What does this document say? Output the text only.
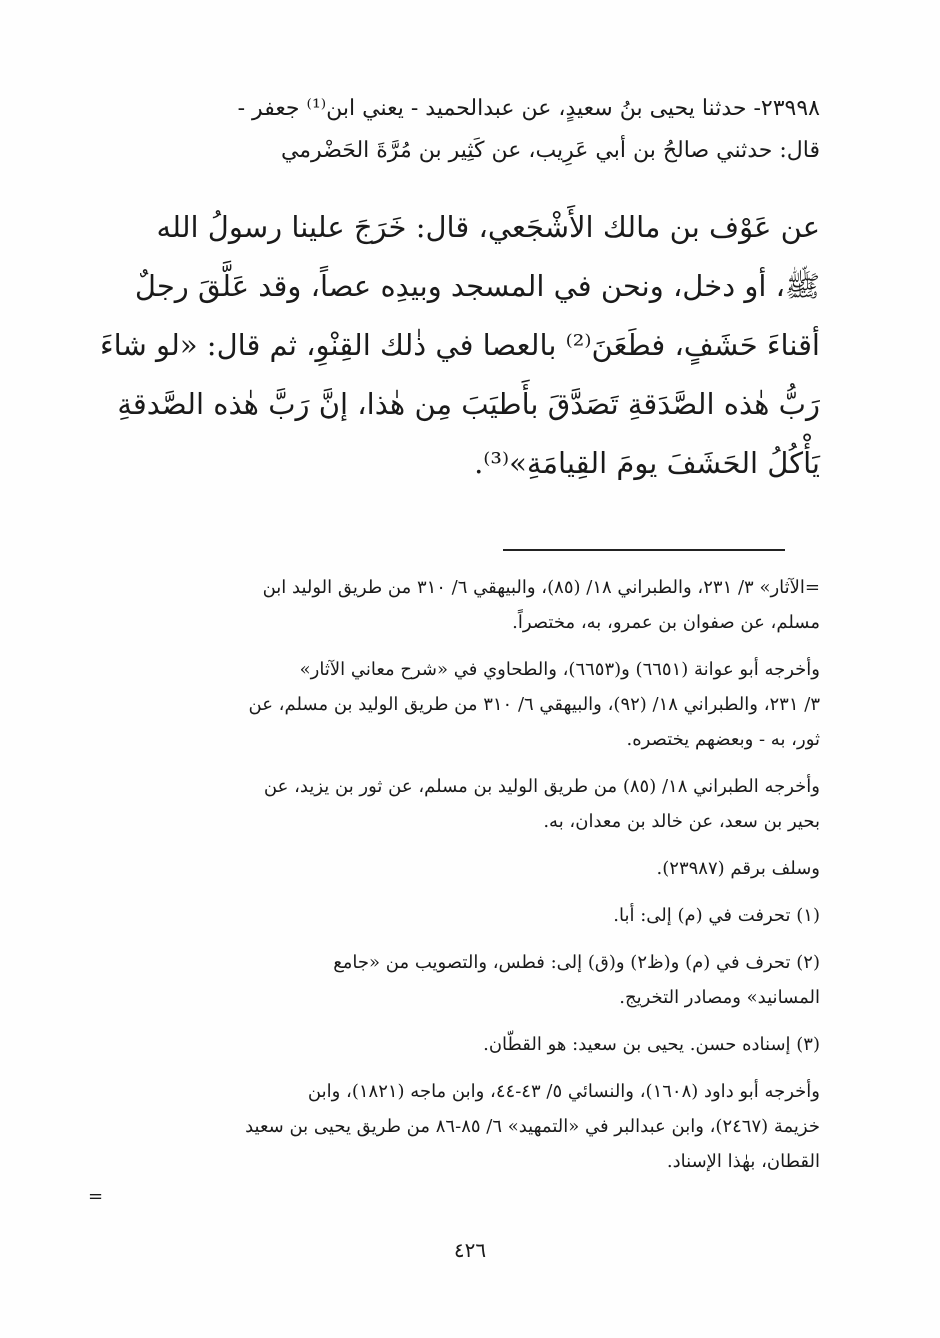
٢٣٩٩٨- حدثنا يحيى بنُ سعيدٍ، عن عبدالحميد - يعني ابن⁽¹⁾ جعفر -
قال: حدثني صالحُ بن أبي عَرِيب، عن كَثِير بن مُرَّةَ الحَضْرمي
عن عَوْف بن مالك الأَشْجَعي، قال: خَرَجَ علينا رسولُ الله
ﷺ، أو دخل، ونحن في المسجد وبيدِه عصاً، وقد عَلَّقَ رجلٌ
أقناءَ حَشَفٍ، فطَعَنَ⁽²⁾ بالعصا في ذٰلك القِنْوِ، ثم قال: «لو شاءَ
رَبُّ هٰذه الصَّدَقةِ تَصَدَّقَ بأَطيَبَ مِن هٰذا، إنَّ رَبَّ هٰذه الصَّدقةِ
يَأْكُلُ الحَشَفَ يومَ القِيامَةِ»⁽³⁾.
=الآثار» ٣/ ٢٣١، والطبراني ١٨/ (٨٥)، والبيهقي ٦/ ٣١٠ من طريق الوليد ابن
مسلم، عن صفوان بن عمرو، به، مختصراً.
وأخرجه أبو عوانة (٦٦٥١) و(٦٦٥٣)، والطحاوي في «شرح معاني الآثار»
٣/ ٢٣١، والطبراني ١٨/ (٩٢)، والبيهقي ٦/ ٣١٠ من طريق الوليد بن مسلم، عن
ثور، به - وبعضهم يختصره.
وأخرجه الطبراني ١٨/ (٨٥) من طريق الوليد بن مسلم، عن ثور بن يزيد، عن
بحير بن سعد، عن خالد بن معدان، به.
وسلف برقم (٢٣٩٨٧).
(١) تحرفت في (م) إلى: أبا.
(٢) تحرف في (م) و(ظ٢) و(ق) إلى: فطس، والتصويب من «جامع
المسانيد» ومصادر التخريج.
(٣) إسناده حسن. يحيى بن سعيد: هو القطّان.
وأخرجه أبو داود (١٦٠٨)، والنسائي ٥/ ٤٣-٤٤، وابن ماجه (١٨٢١)، وابن
خزيمة (٢٤٦٧)، وابن عبدالبر في «التمهيد» ٦/ ٨٥-٨٦ من طريق يحيى بن سعيد
القطان، بهٰذا الإسناد.
=
٤٢٦
